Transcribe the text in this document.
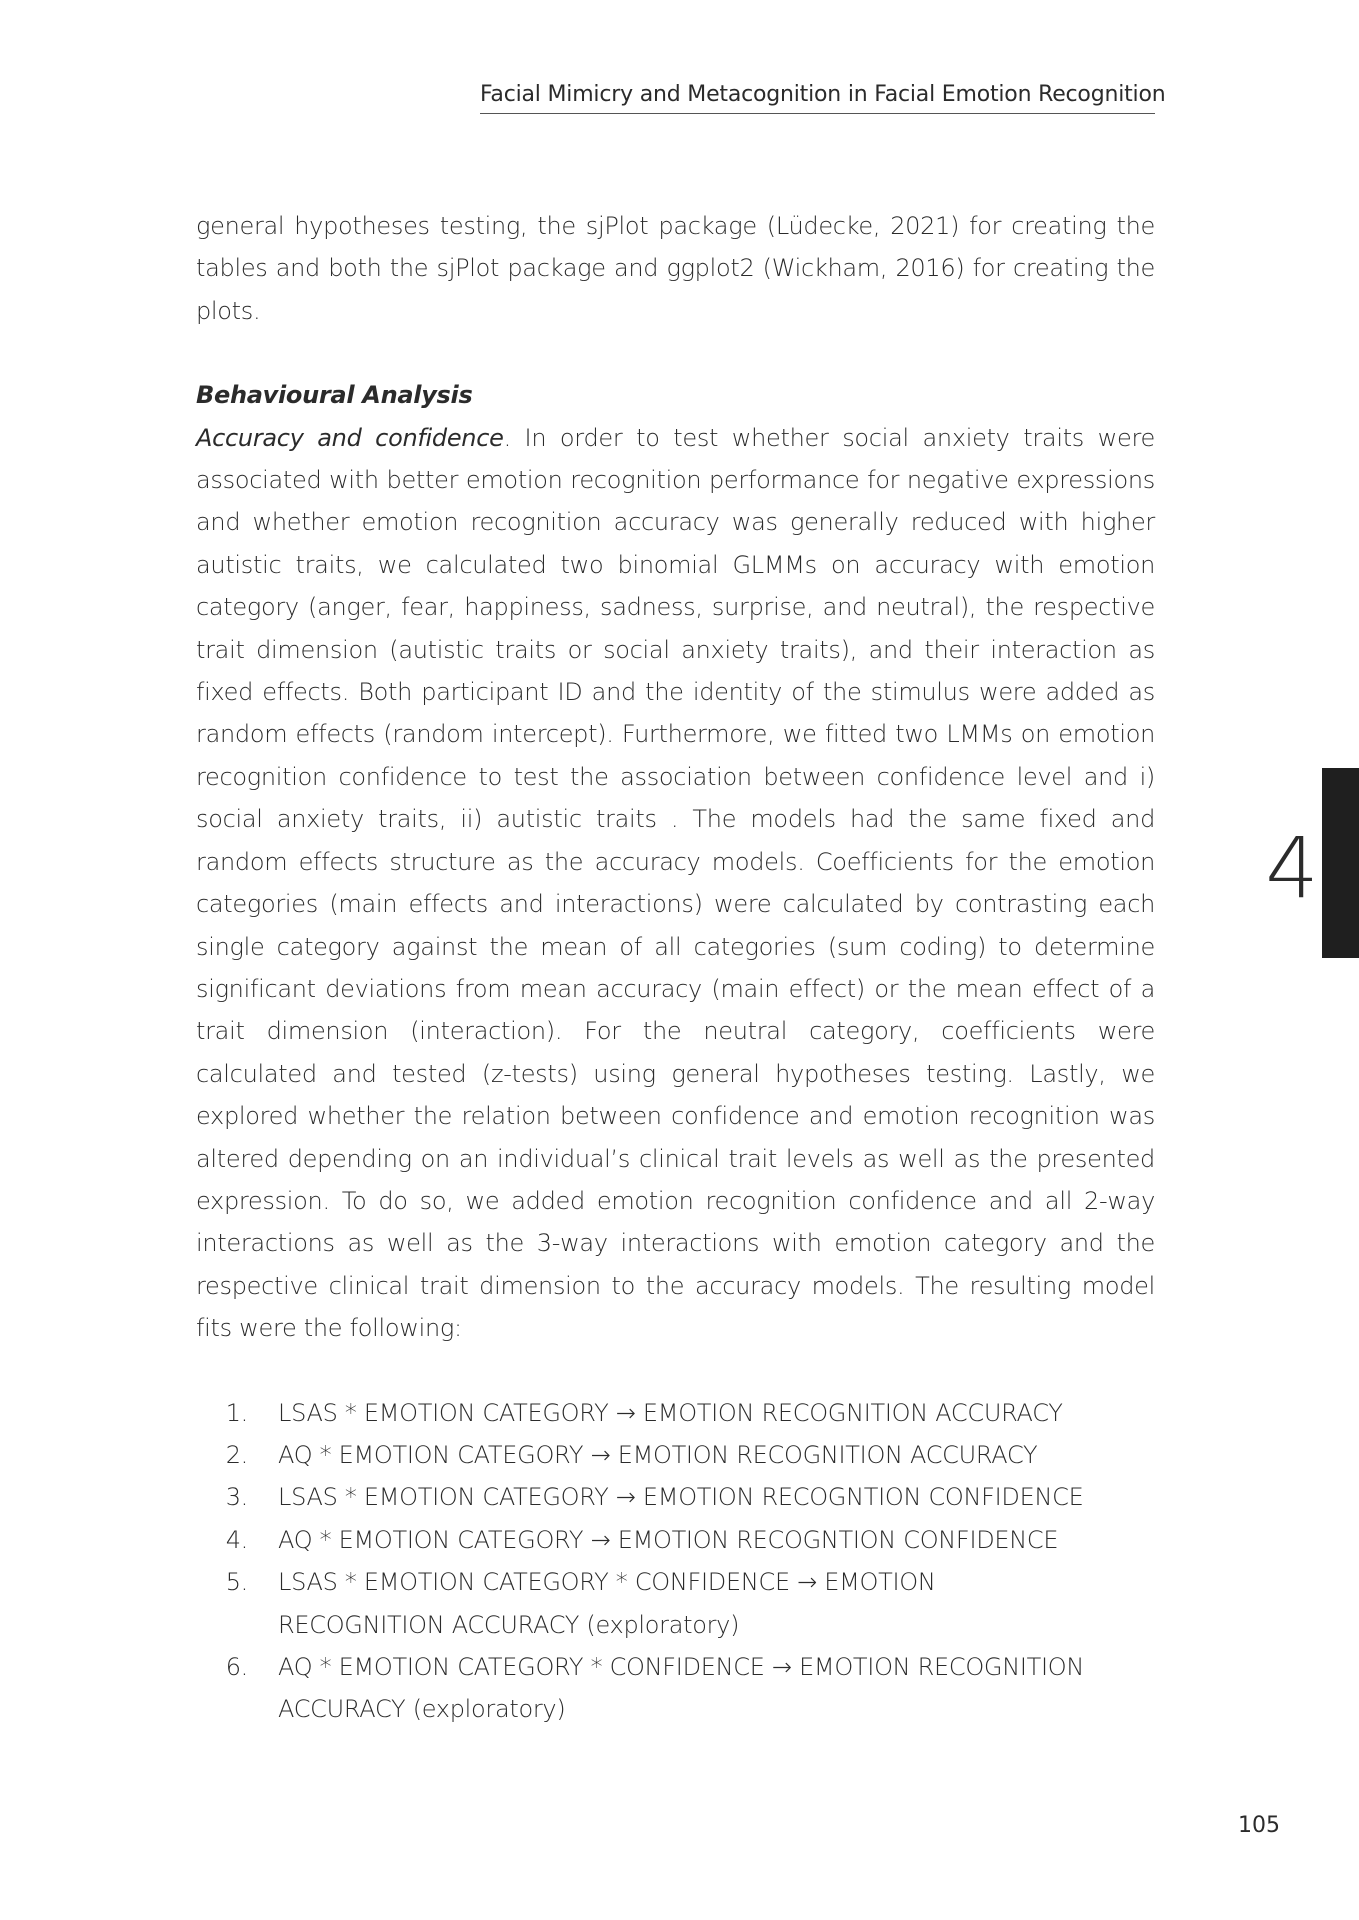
Facial Mimicry and Metacognition in Facial Emotion Recognition

general hypotheses testing, the sjPlot package (Lüdecke, 2021) for creating the tables and both the sjPlot package and ggplot2 (Wickham, 2016) for creating the plots.

Behavioural Analysis

Accuracy and confidence. In order to test whether social anxiety traits were associated with better emotion recognition performance for negative expressions and whether emotion recognition accuracy was generally reduced with higher autistic traits, we calculated two binomial GLMMs on accuracy with emotion category (anger, fear, happiness, sadness, surprise, and neutral), the respective trait dimension (autistic traits or social anxiety traits), and their interaction as fixed effects. Both participant ID and the identity of the stimulus were added as random effects (random intercept). Furthermore, we fitted two LMMs on emotion recognition confidence to test the association between confidence level and i) social anxiety traits, ii) autistic traits . The models had the same fixed and random effects structure as the accuracy models. Coefficients for the emotion categories (main effects and interactions) were calculated by contrasting each single category against the mean of all categories (sum coding) to determine significant deviations from mean accuracy (main effect) or the mean effect of a trait dimension (interaction). For the neutral category, coefficients were calculated and tested (z-tests) using general hypotheses testing. Lastly, we explored whether the relation between confidence and emotion recognition was altered depending on an individual’s clinical trait levels as well as the presented expression. To do so, we added emotion recognition confidence and all 2-way interactions as well as the 3-way interactions with emotion category and the respective clinical trait dimension to the accuracy models. The resulting model fits were the following:

1.	LSAS * EMOTION CATEGORY → EMOTION RECOGNITION ACCURACY
2.	AQ * EMOTION CATEGORY → EMOTION RECOGNITION ACCURACY
3.	LSAS * EMOTION CATEGORY → EMOTION RECOGNTION CONFIDENCE
4.	AQ * EMOTION CATEGORY → EMOTION RECOGNTION CONFIDENCE
5.	LSAS * EMOTION CATEGORY * CONFIDENCE → EMOTION RECOGNITION ACCURACY (exploratory)
6.	AQ * EMOTION CATEGORY * CONFIDENCE → EMOTION RECOGNITION ACCURACY (exploratory)
4
105
